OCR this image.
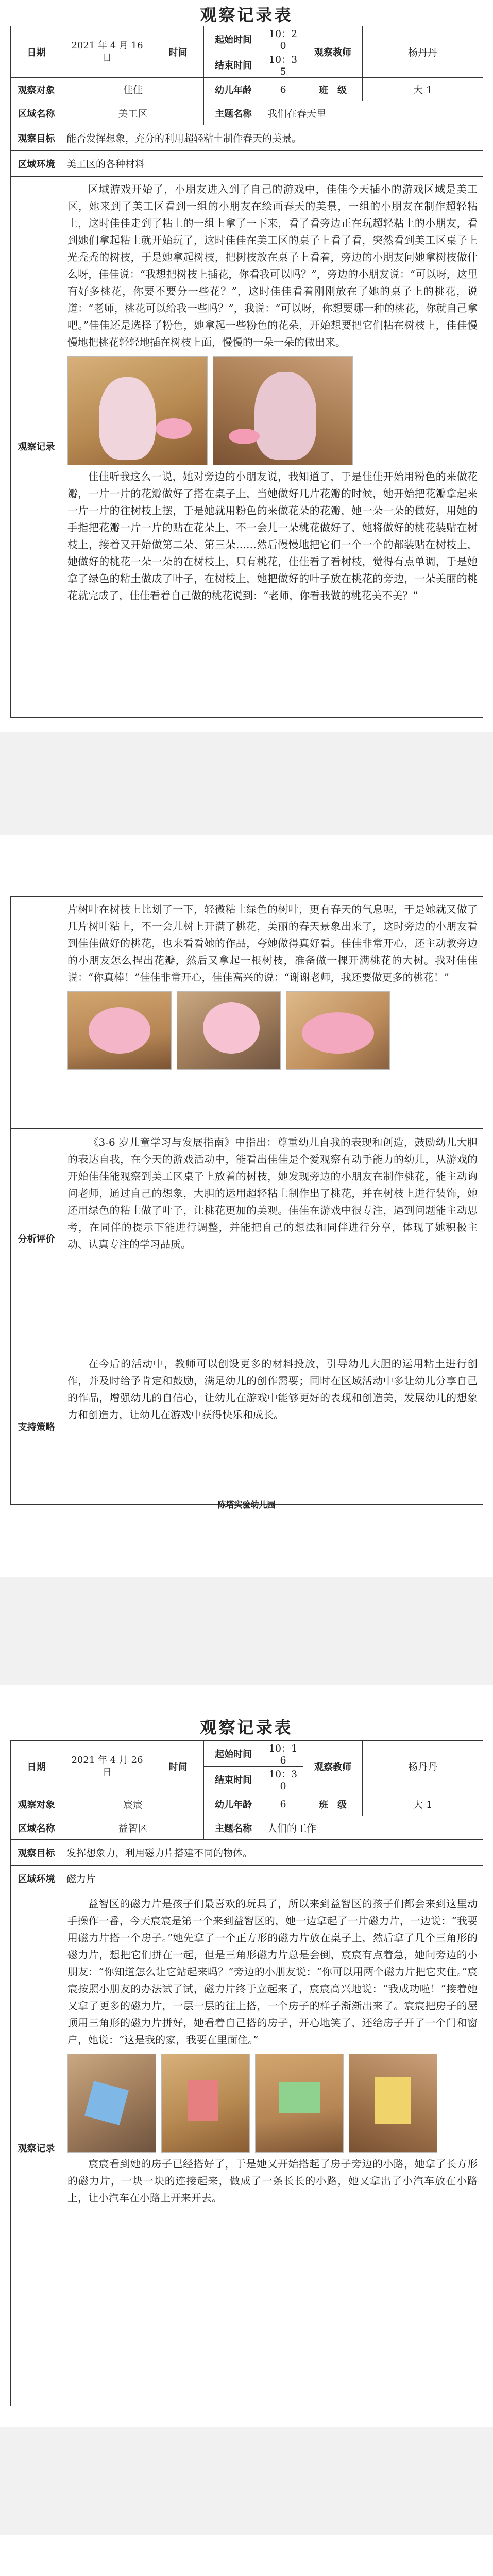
观察记录表
日期	2021 年 4 月 16 日	时间	起始时间	10：20	观察教师	杨丹丹
			结束时间	10：35		
观察对象	佳佳		幼儿年龄	6	班　级	大 1
区域名称	美工区		主题名称	我们在春天里		
观察目标	能否发挥想象，充分的利用超轻粘土制作春天的美景。					
区域环境	美工区的各种材料					
观察记录	区域游戏开始了，小朋友进入到了自己的游戏中，佳佳今天插小的游戏区域是美工区，她来到了美工区看到一组的小朋友在绘画春天的美景，一组的小朋友在制作超轻粘土，这时佳佳走到了粘土的一组上拿了一下来，看了看旁边正在玩超轻粘土的小朋友，看到她们拿起粘土就开始玩了，这时佳佳在美工区的桌子上看了看，突然看到美工区桌子上光秃秃的树枝，于是她拿起树枝，把树枝放在桌子上看着，旁边的小朋友问她拿树枝做什么呀，佳佳说：“我想把树枝上插花，你看我可以吗？”，旁边的小朋友说：“可以呀，这里有好多桃花，你要不要分一些花？”，这时佳佳看着刚刚放在了她的桌子上的桃花，说道：“老师，桃花可以给我一些吗？”，我说：“可以呀，你想要哪一种的桃花，你就自己拿吧。”佳佳还是选择了粉色，她拿起一些粉色的花朵，开始想要把它们粘在树枝上，佳佳慢慢地把桃花轻轻地插在树枝上面，慢慢的一朵一朵的做出来。

佳佳听我这么一说，她对旁边的小朋友说，我知道了，于是佳佳开始用粉色的来做花瓣，一片一片的花瓣做好了搭在桌子上，当她做好几片花瓣的时候，她开始把花瓣拿起来一片一片的往树枝上摆，于是她就用粉色的来做花朵的花瓣，她一朵一朵的做好，用她的手指把花瓣一片一片的贴在花朵上，不一会儿一朵桃花做好了，她将做好的桃花装贴在树枝上，接着又开始做第二朵、第三朵……然后慢慢地把它们一个一个的都装贴在树枝上，她做好的桃花一朵一朵的在树枝上，只有桃花，佳佳看了看树枝，觉得有点单调，于是她拿了绿色的粘土做成了叶子，在树枝上，她把做好的叶子放在桃花的旁边，一朵美丽的桃花就完成了，佳佳看着自己做的桃花说到：“老师，你看我做的桃花美不美？”					

	片树叶在树枝上比划了一下，轻微粘土绿色的树叶，更有春天的气息呢，于是她就又做了几片树叶粘上，不一会儿树上开满了桃花，美丽的春天景象出来了，这时旁边的小朋友看到佳佳做好的桃花，也来看看她的作品，夸她做得真好看。佳佳非常开心，还主动教旁边的小朋友怎么捏出花瓣，然后又拿起一根树枝，准备做一棵开满桃花的大树。我对佳佳说：“你真棒！”佳佳非常开心，佳佳高兴的说：“谢谢老师，我还要做更多的桃花！”

分析评价	《3-6 岁儿童学习与发展指南》中指出：尊重幼儿自我的表现和创造，鼓励幼儿大胆的表达自我，在今天的游戏活动中，能看出佳佳是个爱观察有动手能力的幼儿，从游戏的开始佳佳能观察到美工区桌子上放着的树枝，她发现旁边的小朋友在制作桃花，能主动询问老师，通过自己的想象，大胆的运用超轻粘土制作出了桃花，并在树枝上进行装饰，她还用绿色的粘土做了叶子，让桃花更加的美观。佳佳在游戏中很专注，遇到问题能主动思考，在同伴的提示下能进行调整，并能把自己的想法和同伴进行分享，体现了她积极主动、认真专注的学习品质。

支持策略	在今后的活动中，教师可以创设更多的材料投放，引导幼儿大胆的运用粘土进行创作，并及时给予肯定和鼓励，满足幼儿的创作需要；同时在区域活动中多让幼儿分享自己的作品，增强幼儿的自信心，让幼儿在游戏中能够更好的表现和创造美，发展幼儿的想象力和创造力，让幼儿在游戏中获得快乐和成长。

陈塔实验幼儿园
观察记录表
日期	2021 年 4 月 26 日	时间	起始时间	10：16	观察教师	杨丹丹
			结束时间	10：30		
观察对象	宸宸		幼儿年龄	6	班　级	大 1
区域名称	益智区		主题名称	人们的工作		
观察目标	发挥想象力，利用磁力片搭建不同的物体。					
区域环境	磁力片					
观察记录	益智区的磁力片是孩子们最喜欢的玩具了，所以来到益智区的孩子们都会来到这里动手操作一番，今天宸宸是第一个来到益智区的，她一边拿起了一片磁力片，一边说：“我要用磁力片搭一个房子。”她先拿了一个正方形的磁力片放在桌子上，然后拿了几个三角形的磁力片，想把它们拼在一起，但是三角形磁力片总是会倒，宸宸有点着急，她问旁边的小朋友：“你知道怎么让它站起来吗？”旁边的小朋友说：“你可以用两个磁力片把它夹住。”宸宸按照小朋友的办法试了试，磁力片终于立起来了，宸宸高兴地说：“我成功啦！”接着她又拿了更多的磁力片，一层一层的往上搭，一个房子的样子渐渐出来了。宸宸把房子的屋顶用三角形的磁力片拼好，她看着自己搭的房子，开心地笑了，还给房子开了一个门和窗户，她说：“这是我的家，我要在里面住。”

宸宸看到她的房子已经搭好了，于是她又开始搭起了房子旁边的小路，她拿了长方形的磁力片，一块一块的连接起来，做成了一条长长的小路，她又拿出了小汽车放在小路上，让小汽车在小路上开来开去。					
